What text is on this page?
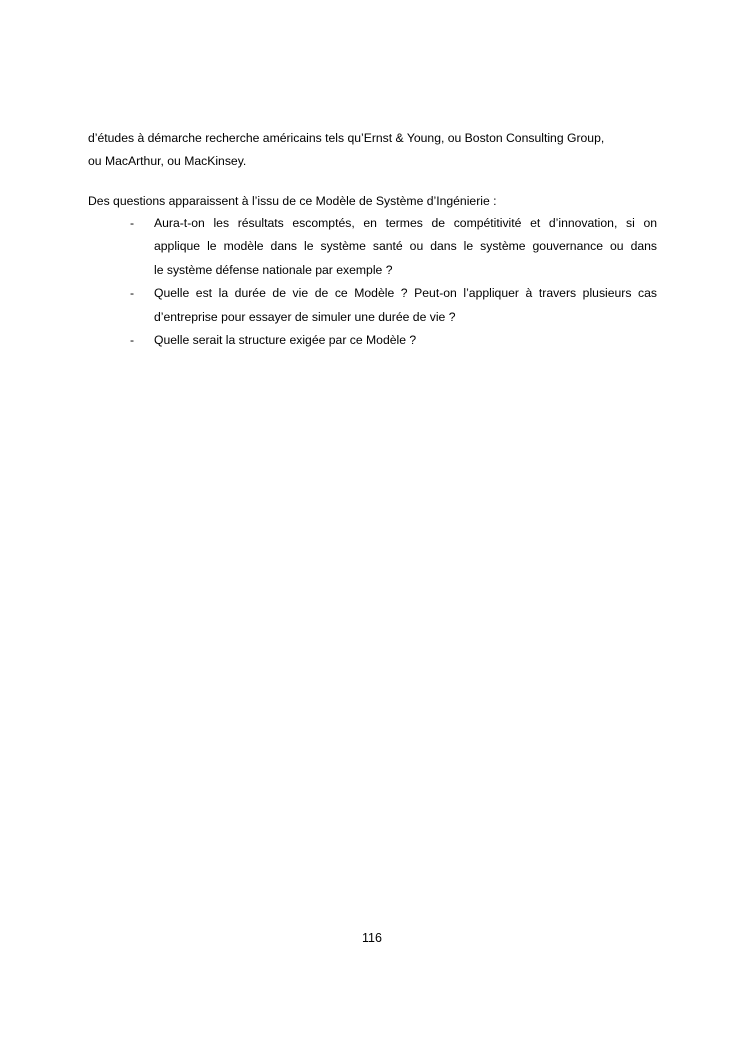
d’études à démarche recherche américains tels qu’Ernst & Young, ou Boston Consulting Group,
ou MacArthur, ou MacKinsey.
Des questions apparaissent à l’issu de ce Modèle de Système d’Ingénierie :
- Aura-t-on les résultats escomptés, en termes de compétitivité et d’innovation, si on
applique le modèle dans le système santé ou dans le système gouvernance ou dans
le système défense nationale par exemple ?
- Quelle est la durée de vie de ce Modèle ? Peut-on l’appliquer à travers plusieurs cas
d’entreprise pour essayer de simuler une durée de vie ?
- Quelle serait la structure exigée par ce Modèle ?
116
